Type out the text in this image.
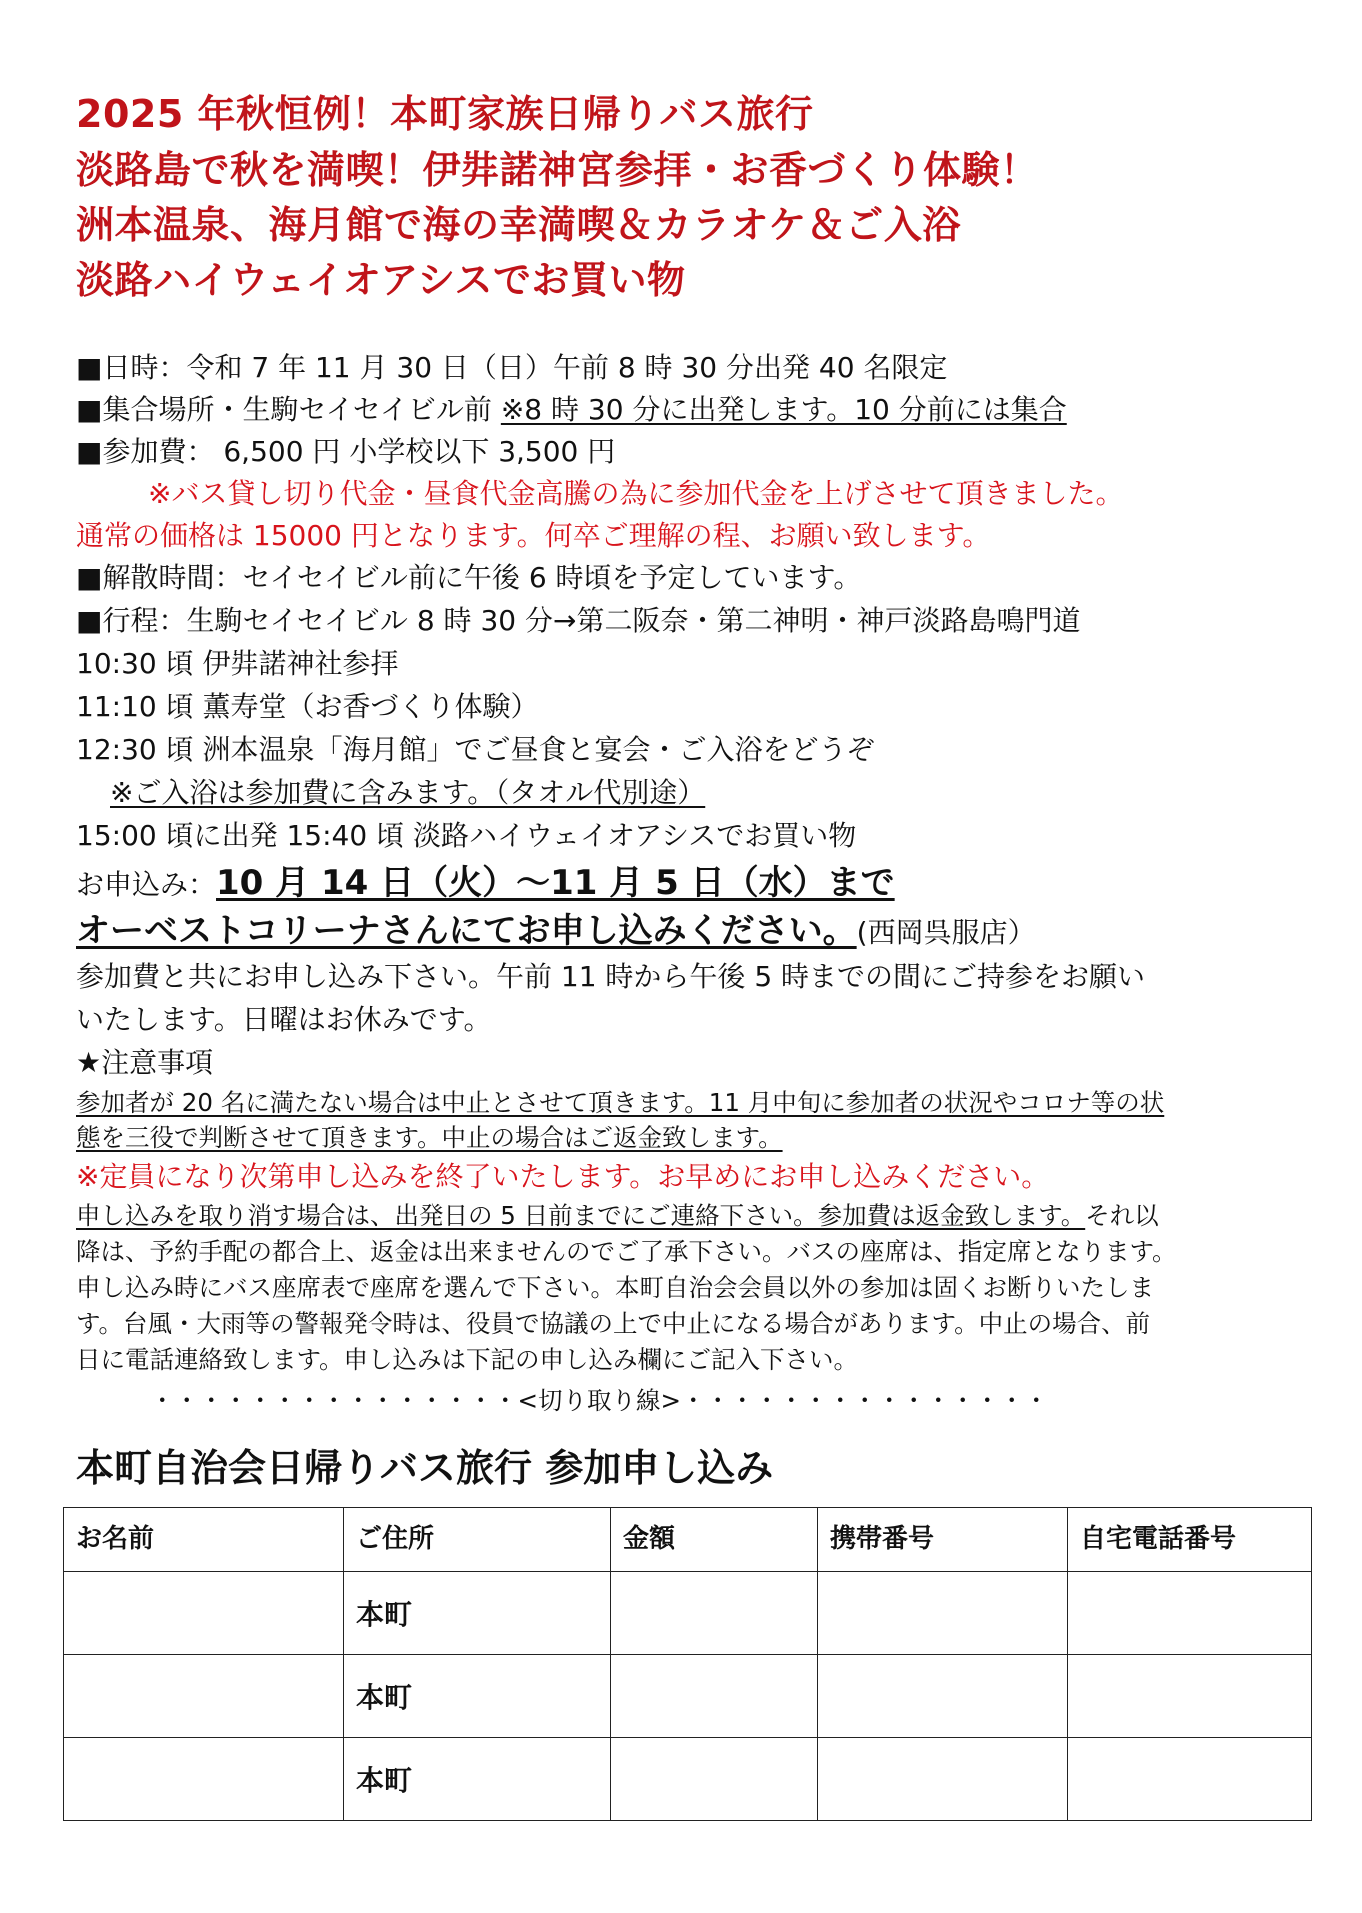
2025 年秋恒例！本町家族日帰りバス旅行
淡路島で秋を満喫！伊弉諾神宮参拝・お香づくり体験！
洲本温泉、海月館で海の幸満喫＆カラオケ＆ご入浴
淡路ハイウェイオアシスでお買い物
■日時：令和 7 年 11 月 30 日（日）午前 8 時 30 分出発 40 名限定
■集合場所・生駒セイセイビル前 ※8 時 30 分に出発します。10 分前には集合
■参加費： 6,500 円 小学校以下 3,500 円
※バス貸し切り代金・昼食代金高騰の為に参加代金を上げさせて頂きました。
通常の価格は 15000 円となります。何卒ご理解の程、お願い致します。
■解散時間：セイセイビル前に午後 6 時頃を予定しています。
■行程：生駒セイセイビル 8 時 30 分→第二阪奈・第二神明・神戸淡路島鳴門道
10:30 頃 伊弉諾神社参拝
11:10 頃 薫寿堂（お香づくり体験）
12:30 頃 洲本温泉「海月館」でご昼食と宴会・ご入浴をどうぞ
※ご入浴は参加費に含みます。（タオル代別途）
15:00 頃に出発 15:40 頃 淡路ハイウェイオアシスでお買い物
お申込み：10 月 14 日（火）～11 月 5 日（水）まで
オーベストコリーナさんにてお申し込みください。(西岡呉服店）
参加費と共にお申し込み下さい。午前 11 時から午後 5 時までの間にご持参をお願い
いたします。日曜はお休みです。
★注意事項
参加者が 20 名に満たない場合は中止とさせて頂きます。11 月中旬に参加者の状況やコロナ等の状
態を三役で判断させて頂きます。中止の場合はご返金致します。
※定員になり次第申し込みを終了いたします。お早めにお申し込みください。
申し込みを取り消す場合は、出発日の 5 日前までにご連絡下さい。参加費は返金致します。それ以
降は、予約手配の都合上、返金は出来ませんのでご了承下さい。バスの座席は、指定席となります。
申し込み時にバス座席表で座席を選んで下さい。本町自治会会員以外の参加は固くお断りいたしま
す。台風・大雨等の警報発令時は、役員で協議の上で中止になる場合があります。中止の場合、前
日に電話連絡致します。申し込みは下記の申し込み欄にご記入下さい。
・・・・・・・・・・・・・・・<切り取り線>・・・・・・・・・・・・・・・
本町自治会日帰りバス旅行 参加申し込み
お名前	ご住所	金額	携帯番号	自宅電話番号
	本町			
	本町			
	本町			
